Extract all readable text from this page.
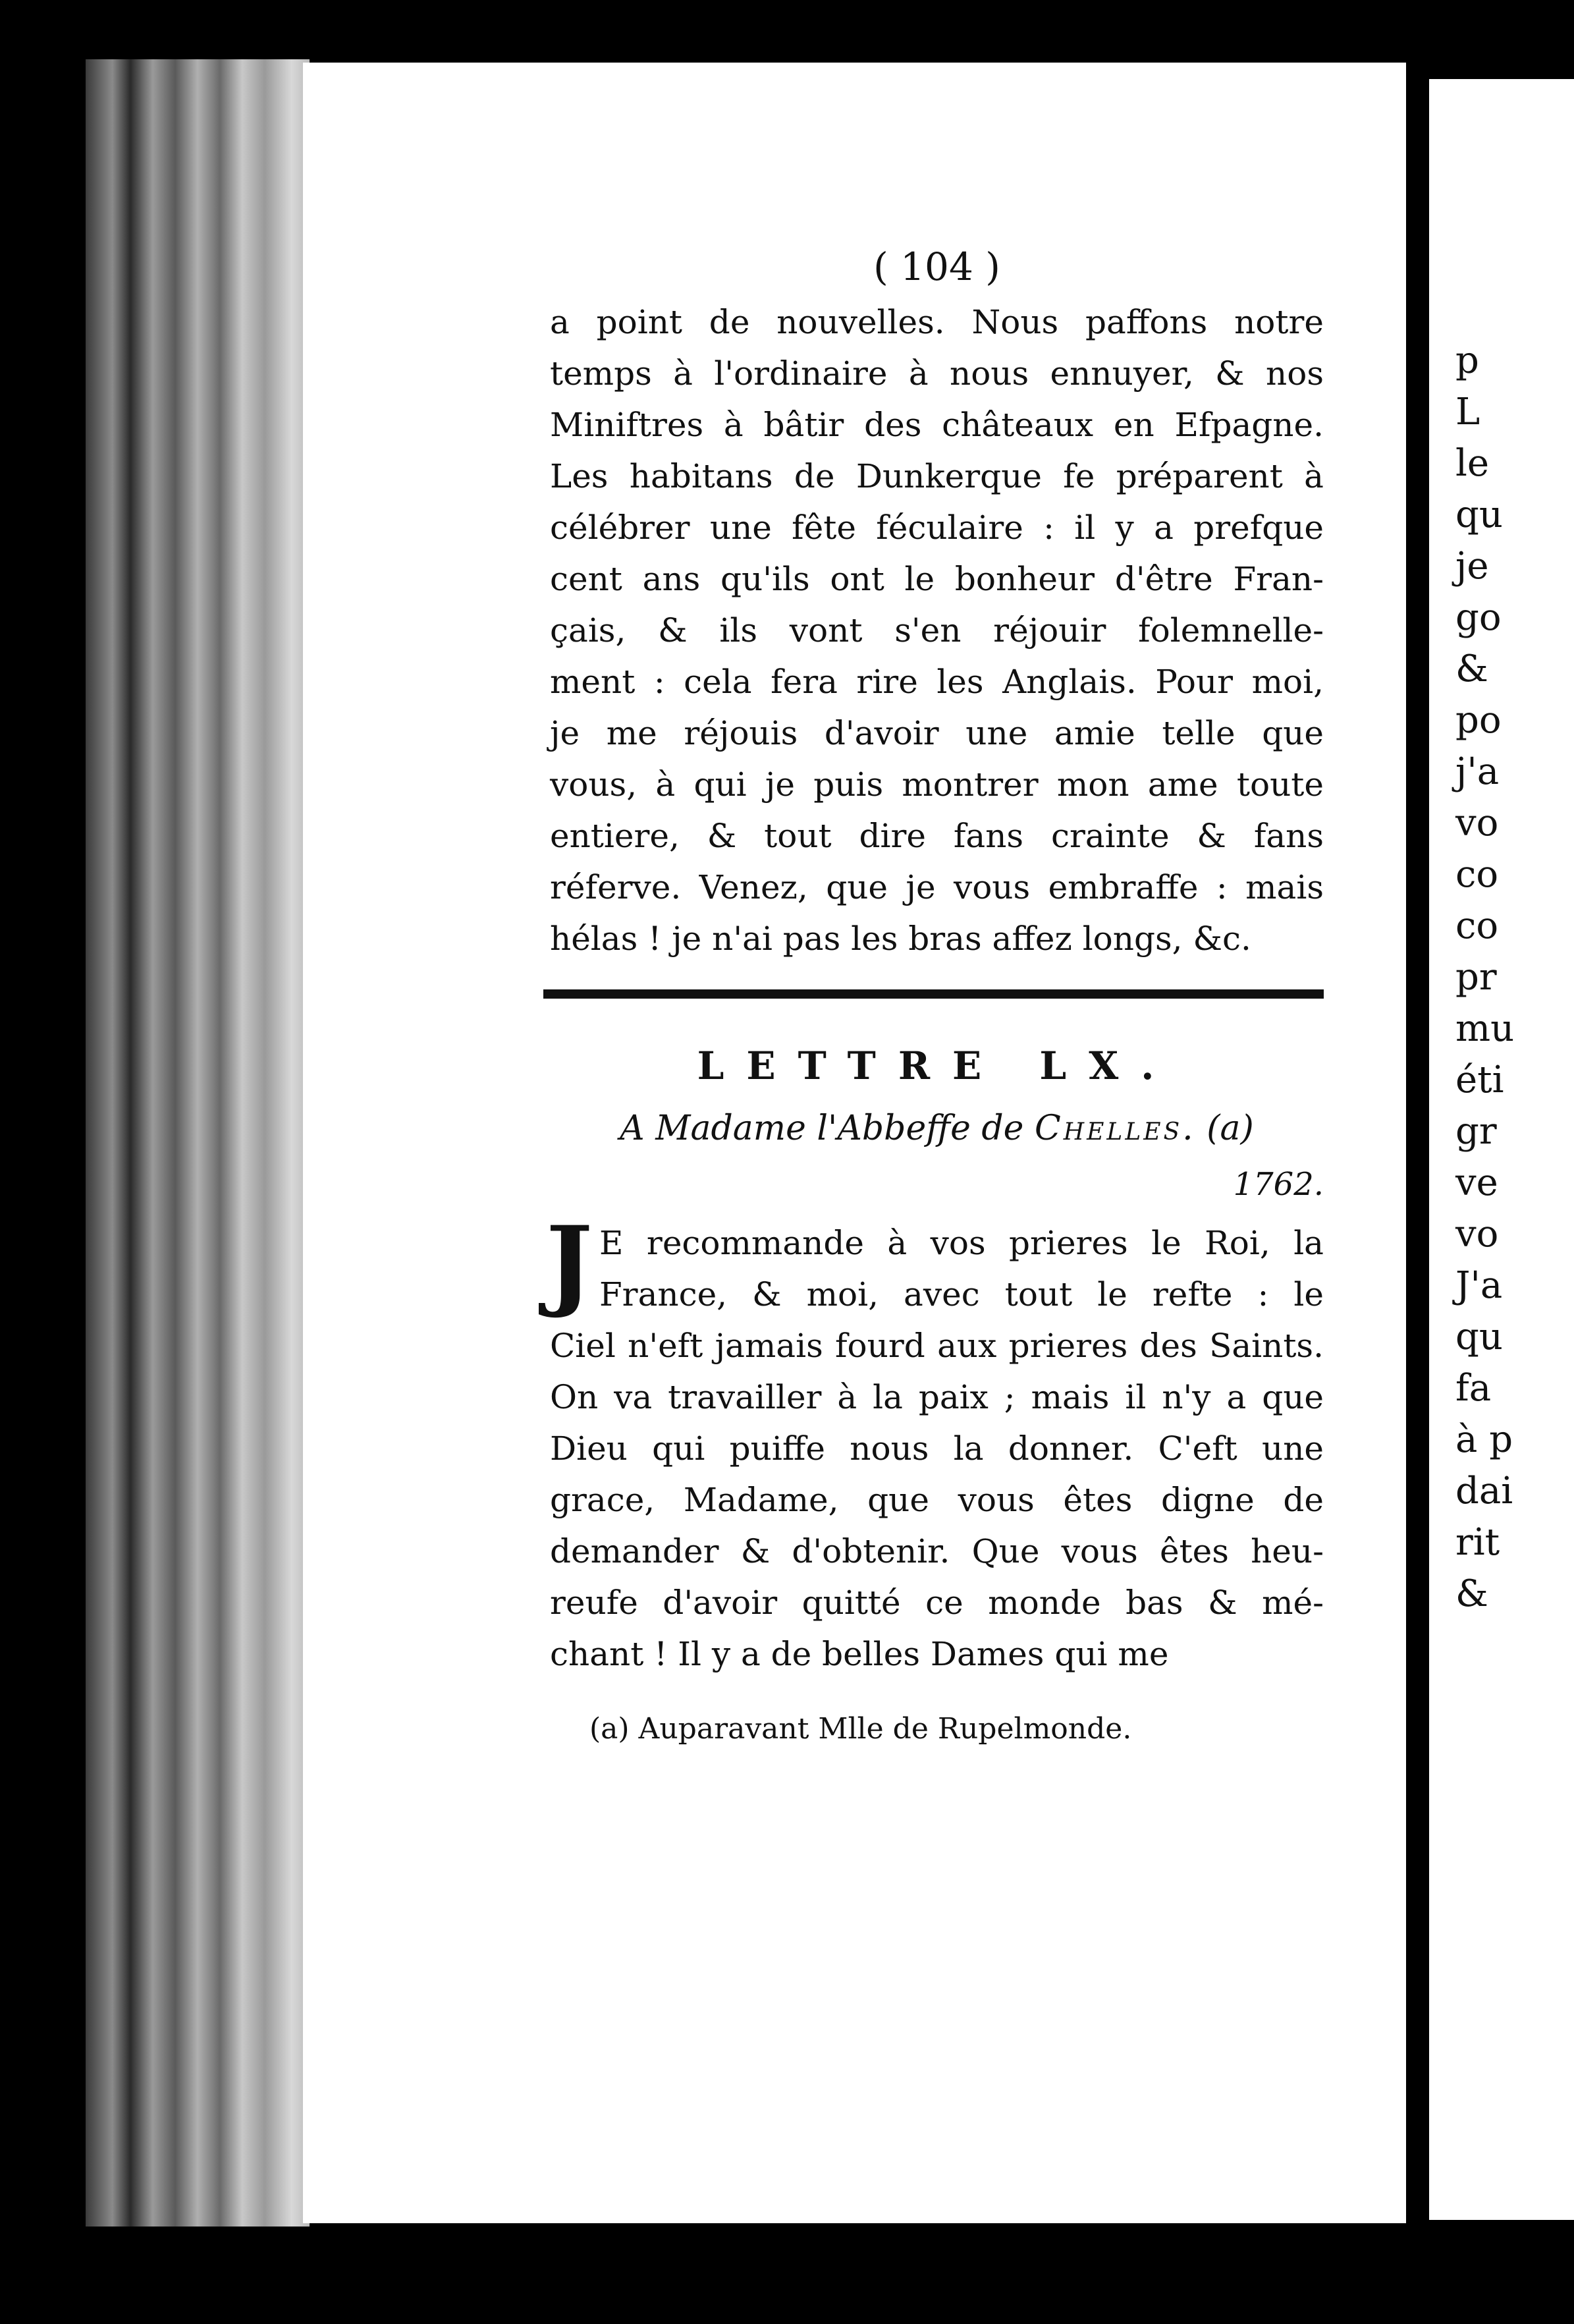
p
L
le
qu
je
go
&
po
j'a
vo
co
co
pr
mu
éti
gr
ve
vo
J'a
qu
fa
à p
dai
rit
&
( 104 )
a point de nouvelles. Nous paffons notre
temps à l'ordinaire à nous ennuyer, & nos
Miniftres à bâtir des châteaux en Efpagne.
Les habitans de Dunkerque fe préparent à
célébrer une fête féculaire : il y a prefque
cent ans qu'ils ont le bonheur d'être Fran-
çais, & ils vont s'en réjouir folemnelle-
ment : cela fera rire les Anglais. Pour moi,
je me réjouis d'avoir une amie telle que
vous, à qui je puis montrer mon ame toute
entiere, & tout dire fans crainte & fans
réferve. Venez, que je vous embraffe : mais
hélas ! je n'ai pas les bras affez longs, &c.
LETTRE LX.
A Madame l'Abbeffe de Chelles. (a)
1762.
J E recommande à vos prieres le Roi, la
France, & moi, avec tout le refte : le
Ciel n'eft jamais fourd aux prieres des Saints.
On va travailler à la paix ; mais il n'y a que
Dieu qui puiffe nous la donner. C'eft une
grace, Madame, que vous êtes digne de
demander & d'obtenir. Que vous êtes heu-
reufe d'avoir quitté ce monde bas & mé-
chant ! Il y a de belles Dames qui me
(a) Auparavant Mlle de Rupelmonde.
